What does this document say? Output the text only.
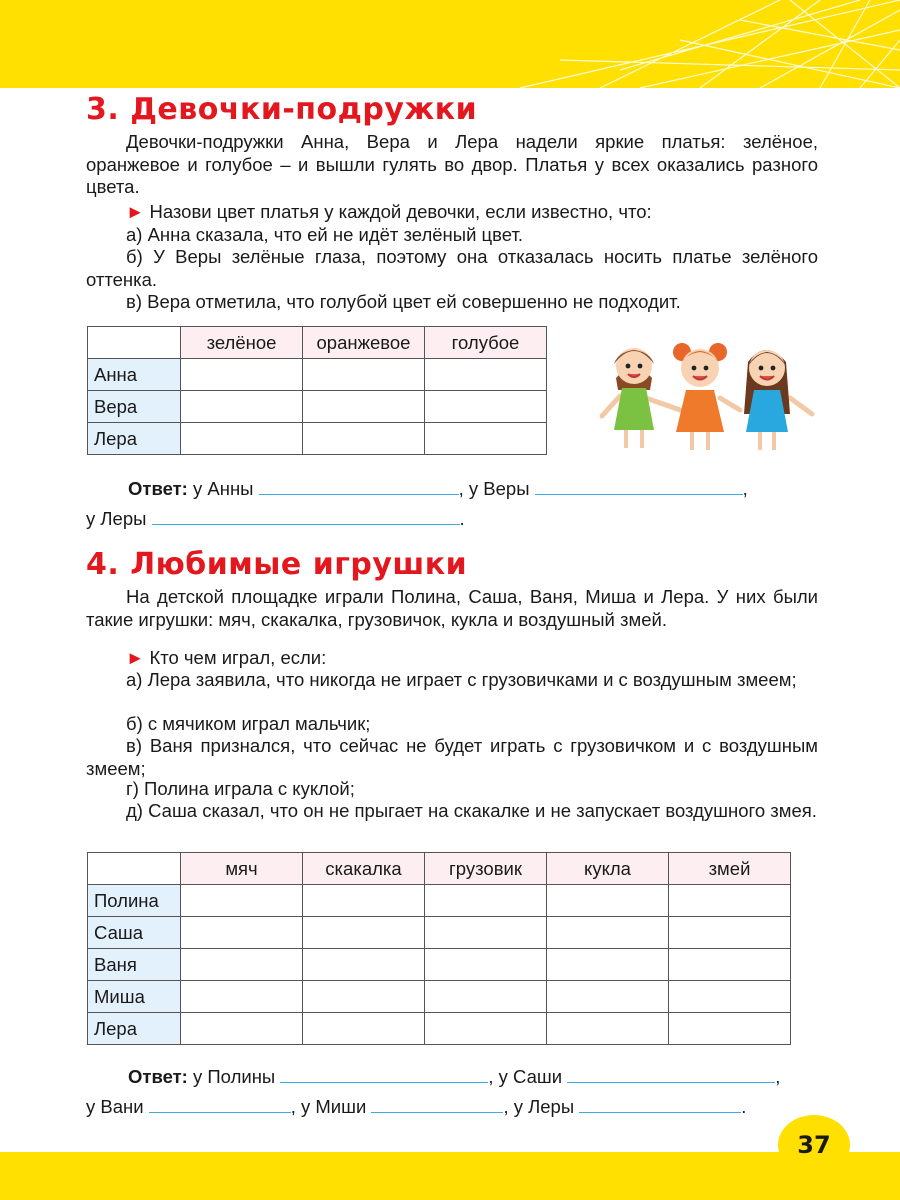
3. Девочки-подружки

Девочки-подружки Анна, Вера и Лера надели яркие платья: зелёное, оранжевое и голубое – и вышли гулять во двор. Платья у всех оказались разного цвета.

► Назови цвет платья у каждой девочки, если известно, что:

а) Анна сказала, что ей не идёт зелёный цвет.

б) У Веры зелёные глаза, поэтому она отказалась носить платье зелёного оттенка.

в) Вера отметила, что голубой цвет ей совершенно не подходит.

	зелёное	оранжевое	голубое
Анна			
Вера			
Лера			
Ответ: у Анны	, у Веры	,
у Леры	.
4. Любимые игрушки

На детской площадке играли Полина, Саша, Ваня, Миша и Лера. У них были такие игрушки: мяч, скакалка, грузовичок, кукла и воздушный змей.

► Кто чем играл, если:

а) Лера заявила, что никогда не играет с грузовичками и с воздушным змеем;

б) с мячиком играл мальчик;

в) Ваня признался, что сейчас не будет играть с грузовичком и с воздушным змеем;

г) Полина играла с куклой;

д) Саша сказал, что он не прыгает на скакалке и не запускает воздушного змея.

	мяч	скакалка	грузовик	кукла	змей
Полина					
Саша					
Ваня					
Миша					
Лера					
Ответ: у Полины	, у Саши	,
у Вани	, у Миши	, у Леры	.
37
